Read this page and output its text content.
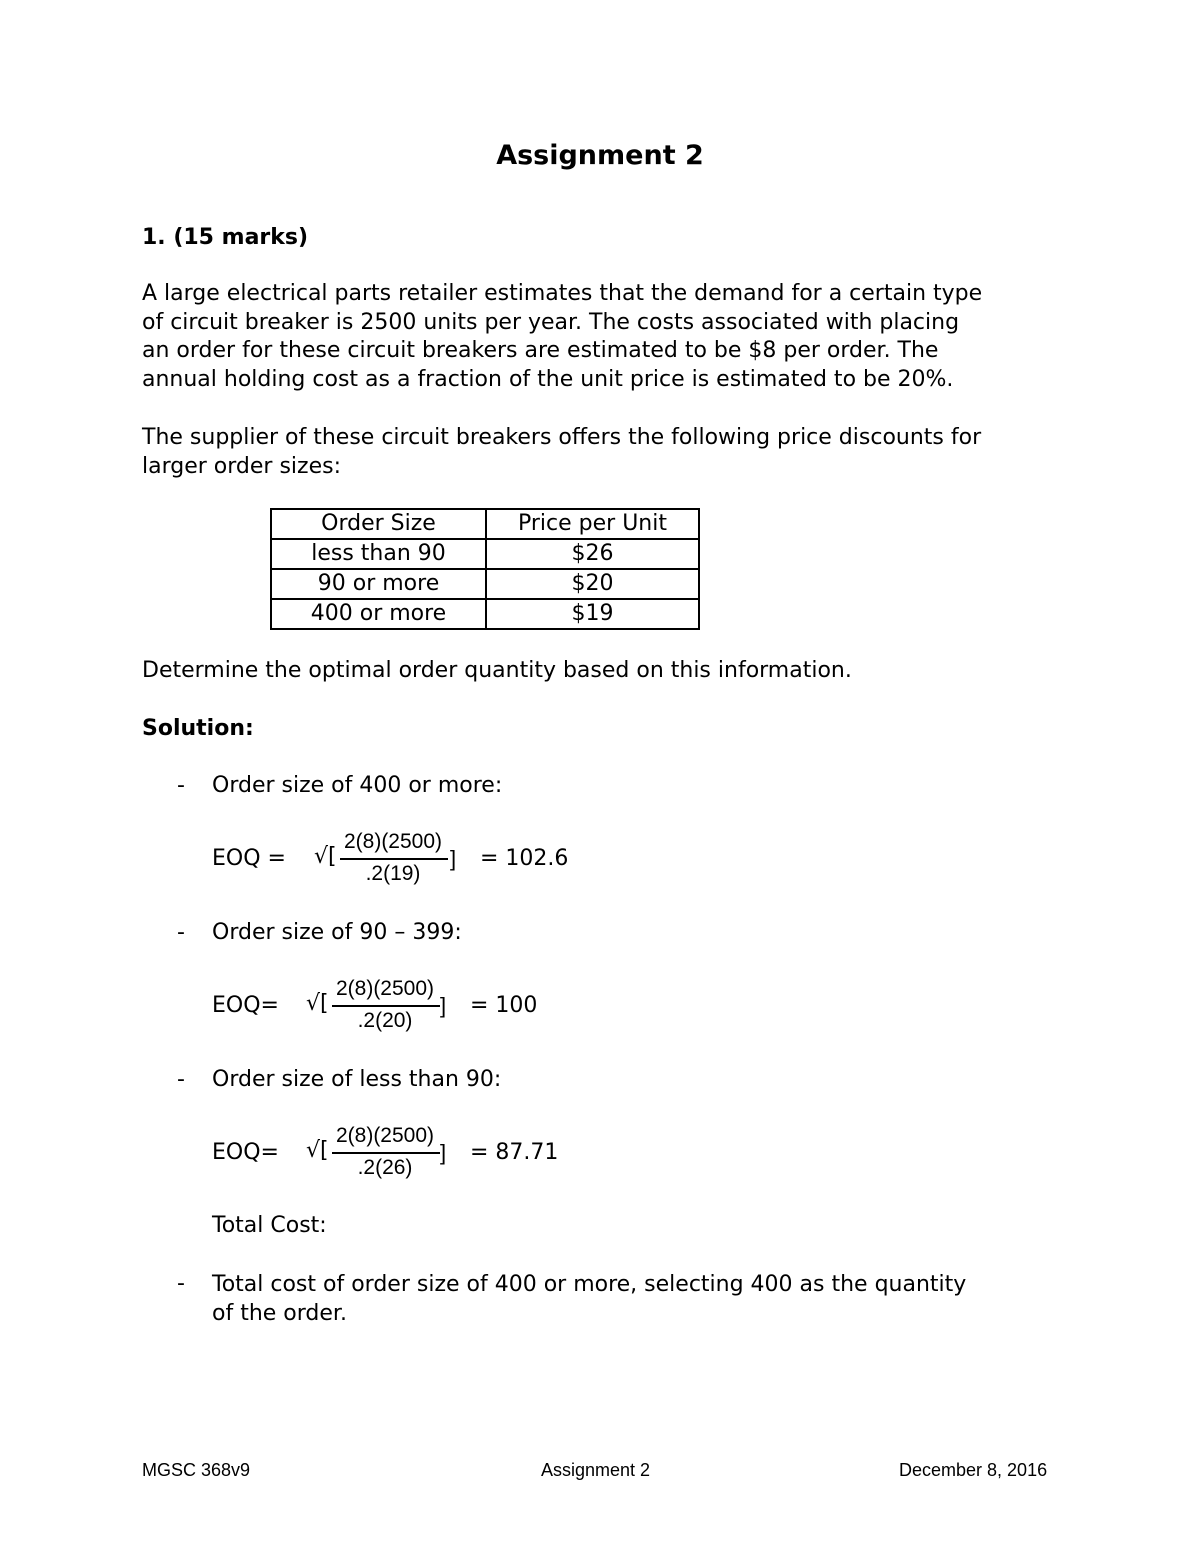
Assignment 2
1. (15 marks)
A large electrical parts retailer estimates that the demand for a certain type
of circuit breaker is 2500 units per year. The costs associated with placing
an order for these circuit breakers are estimated to be $8 per order. The
annual holding cost as a fraction of the unit price is estimated to be 20%.
The supplier of these circuit breakers offers the following price discounts for
larger order sizes:
Order Size	Price per Unit
less than 90	$26
90 or more	$20
400 or more	$19
Determine the optimal order quantity based on this information.
Solution:
- Order size of 400 or more:
EOQ = √[
2(8)(2500)
.2(19)
] = 102.6
- Order size of 90 – 399:
EOQ= √[
2(8)(2500)
.2(20)
] = 100
- Order size of less than 90:
EOQ= √[
2(8)(2500)
.2(26)
] = 87.71
Total Cost:
- Total cost of order size of 400 or more, selecting 400 as the quantity
of the order.
MGSC 368v9	Assignment 2	December 8, 2016
